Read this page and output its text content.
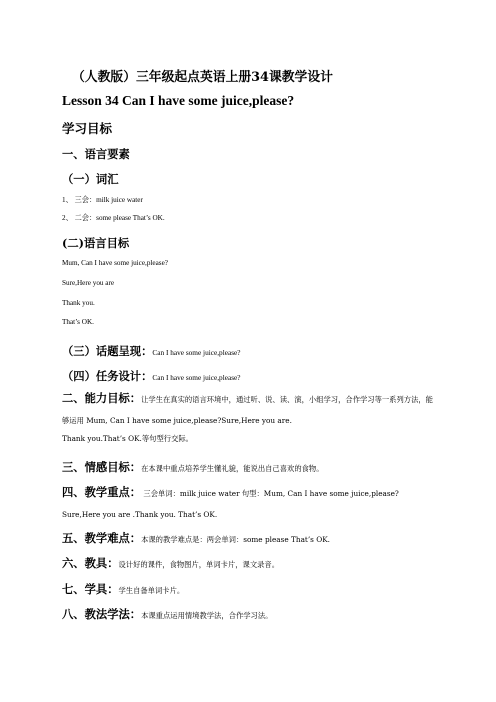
（人教版）三年级起点英语上册34课教学设计
Lesson 34 Can I have some juice,please?
学习目标
一、语言要素
（一）词汇
1、 三会：milk juice water
2、 二会：some please That’s OK.
(二)语言目标
Mum, Can I have some juice,please?
Sure,Here you are
Thank you.
That’s OK.
（三）话题呈现：Can I have some juice,please?
（四）任务设计：Can I have some juice,please?
二、能力目标：让学生在真实的语言环境中，通过听、说、读、演，小组学习，合作学习等一系列方法，能够运用 Mum, Can I have some juice,please?Sure,Here you are.
Thank you.That’s OK.等句型行交际。
三、情感目标：在本课中重点培养学生懂礼貌，能说出自己喜欢的食物。
四、教学重点： 三会单词：milk juice water 句型：Mum, Can I have some juice,please? Sure,Here you are .Thank you. That’s OK.
五、教学难点：本课的教学难点是：两会单词：some please That’s OK.
六、教具：设计好的课件，食物图片，单词卡片，课文录音。
七、学具：学生自备单词卡片。
八、教法学法：本课重点运用情境教学法，合作学习法。
